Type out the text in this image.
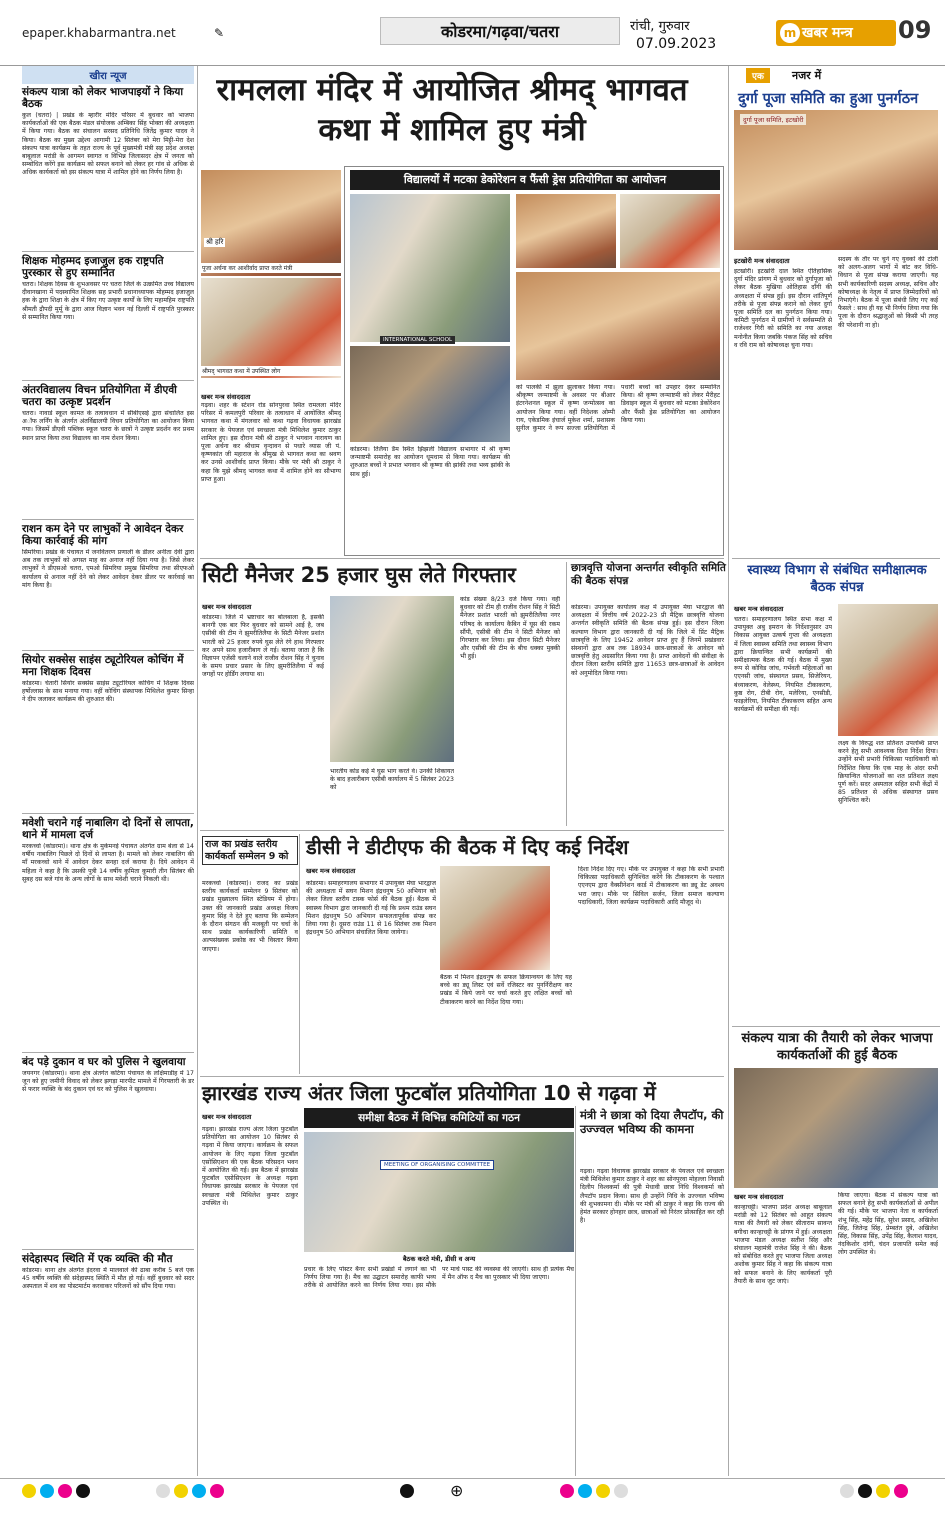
epaper.khabarmantra.net	✎	कोडरमा/गढ़वा/चतरा	रांची, गुरुवार
07.09.2023
m खबर मन्त्र	09
खीरा न्यूज
संकल्प यात्रा को लेकर भाजपाइयों ने किया बैठक
कुल (चतरा) | प्रखंड के म्हारीर मंदिर परिसर में बुधवार को भाजपा कार्यकर्ताओं की एक बैठक मंडल संयोजक अम्बिका सिंह भोक्ता की अध्यक्षता में किया गया। बैठक का संचालन सरसद प्रतिनिधि जितेंद्र कुमार यादव ने किया। बैठक का मुख्य उद्देश्य आगामी 12 सितंबर को मेरा मिट्टी-मेरा देश संकल्प यात्रा कार्यक्रम के तहत राज्य के पूर्व मुख्यमंत्री मंत्री सह प्रदेश अध्यक्ष बाबूलाल मरांडी के आगमन स्वागत व विभिन्न जिलासदर क्षेत्र में जनता को सम्बोधित करेंगे इस कार्यक्रम को सफल बनाने को लेकर हर गांव से अधिक से अधिक कार्यकर्ता को इस संकल्प यात्रा में शामिल होने का निर्णय लिया है।
शिक्षक मोहम्मद इजाजुल हक राष्ट्रपति पुरस्कार से हुए सम्मानित
चतरा। शिक्षक दिवस के शुभअवसर पर चतरा जिले के उत्क्रमित उच्च विद्यालय दीवानखाना में पदस्थापित शिक्षक सह प्रभारी प्रधानाध्यापक मोहम्मद इजाजुल हक के द्वारा शिक्षा के क्षेत्र में किए गए उत्कृष्ट कार्यों के लिए महामहिम राष्ट्रपति श्रीमती द्रौपदी मुर्मू के द्वारा आज विज्ञान भवन नई दिल्ली में राष्ट्रपति पुरस्कार से सम्मानित किया गया।
अंतरविद्यालय विचन प्रतियोगिता में डीएवी चतरा का उत्कृष्ट प्रदर्शन
चतरा। नावार्ड स्कूल कामत के तत्वावधान में सीबीएसई द्वारा संचालित इस अॉफ लर्निंग के अंतर्गत अंतर्विद्यालयी विचन प्रतियोगिता का आयोजन किया गया। जिसमें डीएवी पब्लिक स्कूल चतरा के छात्रों ने उत्कृष्ट प्रदर्शन कर प्रथम स्थान प्राप्त किया तथा विद्यालय का नाम रोशन किया।
राशन कम देने पर लाभुकों ने आवेदन देकर किया कार्रवाई की मांग
सिमरिया। प्रखंड के पंचायत में जनवितरण प्रणाली के डीलर अनीता देवी द्वारा अब तक लाभुकों को अगस्त माह का अनाज नहीं दिया गया है। जिसे लेकर लाभुकों ने डीएसओ चतरा, एमओ सिमरिया प्रमुख सिमरिया तथा सीएफओ कार्यालय से अनाज नहीं देने को लेकर आवेदन देकर डीलर पर कार्रवाई का मांग किया है।
सियोर सक्सेस साइंस ट्यूटोरियल कोचिंग में मना शिक्षक दिवस
कोडरमा। चेतारी सियोर सक्सेस साइंस ट्यूटोरियल कोचिंग में शिक्षक दिवस हर्षोल्लास के साथ मनाया गया। वहीं कोचिंग संस्थापक मिथिलेश कुमार सिन्हा ने दीप जलाकर कार्यक्रम की शुरुआत की।
मवेशी चराने गई नाबालिग दो दिनों से लापता, थाने में मामला दर्ज
मरकच्चो (कोडरमा)। थाना क्षेत्र के मुर्केमनई पंचायत अंतर्गत ग्राम बेला से 14 वर्षीय नाबालिग पिछले दो दिनों से लापता है। मामले को लेकर नाबालिग की माँ मरकच्चो थाने में आवेदन देकर सनहा दर्ज कराया है। दिये आवेदन में महिला ने कहा है कि उसकी पुत्री 14 वर्षीय कुमिता कुमारी तीन सितंबर की सुबह दस बजे गांव के अन्य लोगों के साथ मवेशी चराने निकली थी।
बंद पड़े दुकान व घर को पुलिस ने खुलवाया
जयनगर (कोडरमा)। थाना क्षेत्र अंतर्गत कटिया पंचायत के लक्षिमाडीह में 17 जून को हुए जमीनी विवाद को लेकर झगड़ा मारपीट मामले में गिरफ्तारी के डर से फरार व्यक्ति के बंद दुकान एवं घर को पुलिस ने खुलवाया।
संदेहास्पद स्थिति में एक व्यक्ति की मौत
कोडरमा। थाना क्षेत्र अंतर्गत इंदरवा में मालवाले की ढाबा करीब 5 बजे एक 45 वर्षीय व्यक्ति की संदेहास्पद स्थिति में मौत हो गई। वहीं बुधवार को सदर अस्पताल में शव का पोस्टमार्टम करवाकर परिजनों को सौंप दिया गया।
रामलला मंदिर में आयोजित श्रीमद् भागवत कथा में शामिल हुए मंत्री
श्री हरि
पूजा अर्चना कर आशीर्वाद प्राप्त करते मंत्री
श्रीमद् भागवत कथा में उपस्थित लोग
खबर मन्त्र संवाददाता
गढ़वा। शहर के स्टेशन रोड सोनपुरवा स्थित रामलला मंदिर परिसर में कमलपुरी परिवार के तत्वाधान में आयोजित श्रीमद् भागवत कथा में मंगलवार को कथा गढ़वा विधायक झारखंड सरकार के पेयजल एवं स्वच्छता मंत्री मिथिलेश कुमार ठाकुर शामिल हुए। इस दौरान मंत्री श्री ठाकुर ने भगवान नारायण का पूजा अर्चना कर श्रीधाम वृन्दावन से पधारे व्यास जी पं. कृष्णकांत जी महाराज के श्रीमुख से भागवत कथा का श्रवण कर उनसे आशीर्वाद प्राप्त किया। मौके पर मंत्री श्री ठाकुर ने कहा कि मुझे श्रीमद् भागवत कथा में शामिल होने का सौभाग्य प्राप्त हुआ।
विद्यालयों में मटका डेकोरेशन व फैंसी ड्रेस प्रतियोगिता का आयोजन
INTERNATIONAL SCHOOL
को पालकी में झूला झुलाकर किया गया। श्रीकृष्ण जन्माष्टमी के अवसर पर बीआर इंटरनेशनल स्कूल में कृष्ण जन्मोत्सव का आयोजन किया गया। वहीं निदेशक ओम्पी राय, एकेडमिक इंचार्ज मुकेश शर्मा, प्रशासक सुनील कुमार ने रूप सज्जा प्रतियोगिता में पधारीं बच्चों को उपहार देकर सम्मानित किया। श्री कृष्ण जन्माष्टमी को लेकर मैरीहट डिवाइन स्कूल में बुधवार को मटका डेकोरेशन और फैंसी ड्रेस प्रतियोगिता का आयोजन किया गया।
कोडरमा। तिलैया डैम स्थित झिझली विद्यालय सभागार में श्री कृष्ण जन्माष्टमी समारोह का आयोजन धूमधाम से किया गया। कार्यक्रम की शुरुआत बच्चों ने प्रभात भगवान श्री कृष्णा की झांकी तथा भव्य झांकी के साथ हुई।
सिटी मैनेजर 25 हजार घुस लेते गिरफ्तार
खबर मन्त्र संवाददाता
कोडरमा। जिले में भ्रष्टाचार का बोलबाला है, इसकी बानगी एक बार फिर बुधवार को सामने आई है, जब एसीबी की टीम ने झुमरीतिलैया के सिटी मैनेजर प्रशांत भारती को 25 हजार रुपये घुस लेते रंगे हाथ गिरफ्तार कर अपने साथ हजारीबाग ले गई। बताया जाता है कि विज्ञापन एजेंसी चलाने वाले राजीव रोशन सिंह ने चुनाव के समय प्रचार प्रसार के लिए झुमरीतिलैया में कई जगहों पर होर्डिंग लगाया था।
भारतीय कोड कई में घुस भाग करते वे। उनकी शिकायत के बाद हजारीबाग एसीबी कार्यालय में 5 सितंबर 2023 को
कांड संख्या 8/23 दर्ज किया गया। वही बुधवार को टीम ही राजीव रोशन सिंह ने सिटी मैनेजर प्रशांत भारती को झुमरीतिलैया नगर परिषद के कार्यालय कैबिन में घूस की रकम सौंपी, एसीबी की टीम ने सिटी मैनेजर को गिरफ्तार कर लिया। इस दौरान सिटी मैनेजर और एसीबी की टीम के बीच धक्का मुक्की भी हुई।
छात्रवृत्ति योजना अन्तर्गत स्वीकृति समिति की बैठक संपन्न
कोडरमा। उपायुक्त कार्यालय कक्ष में उपायुक्त मेघा भारद्वाज की अध्यक्षता में वित्तीय वर्ष 2022-23 प्री मैट्रिक छात्रवृत्ति योजना अन्तर्गत स्वीकृति समिति की बैठक संपन्न हुई। इस दौरान जिला कल्याण विभाग द्वारा जानकारी दी गई कि जिले में प्रिंट मैट्रिक छात्रवृत्ति के लिए 19452 आवेदन प्राप्त हुए हैं जिनमें प्रखंडवार संस्थानों द्वारा अब तक 18934 छात्र-छात्राओं के आवेदन को छात्रवृत्ति हेतु अग्रसारित किया गया है। प्राप्त आवेदनों की संवीक्षा के दौरान जिला स्तरीय समिति द्वारा 11653 छात्र-छात्राओं के आवेदन को अनुमोदित किया गया।
राज का प्रखंड स्तरीय कार्यकर्ता सम्मेलन 9 को
मरकच्चो (कोडरमा)। राजद का प्रखंड स्तरीय कार्यकर्ता सम्मेलन 9 सितंबर को प्रखंड मुख्यालय स्थित स्टेडियम में होगा। उक्त की जानकारी प्रखंड अध्यक्ष विजय कुमार सिंह ने देते हुए बताया कि सम्मेलन के दौरान संगठन की मजबूती पर चर्चा के साथ प्रखंड कार्यकारिणी समिति व अल्पसंख्यक प्रकोष्ठ का भी विस्तार किया जाएगा।
डीसी ने डीटीएफ की बैठक में दिए कई निर्देश
खबर मन्त्र संवाददाता
कोडरमा। समाहरणालय सभागार में उपायुक्त मेघा भारद्वाज की अध्यक्षता में सघन मिशन इंद्रधनुष 50 अभियान को लेकर जिला स्तरीय टास्क फोर्स की बैठक हुई। बैठक में स्वास्थ्य विभाग द्वारा जानकारी दी गई कि प्रथम राउंड सघन मिशन इंद्रधनुष 50 अभियान सफलतापूर्वक संपन्न कर लिया गया है। दूसरा राउंड 11 से 16 सितंबर तक मिशन इंद्रधनुष 50 अभियान संचालित किया जायेगा।
बैठक में मिशन इंद्रधनुष के सफल क्रियान्वयन के लिए यह बच्चे का ड्यू लिस्ट एवं सर्वे रजिस्टर का पुनर्निरीक्षण कर प्रखंड में किये जाने पर चर्चा करते हुए लक्षित बच्चों को टीकाकरण करने का निर्देश दिया गया।
दिशा निर्देश दिए गए। मौके पर उपायुक्त ने कहा कि सभी प्रभारी चिकित्सा पदाधिकारी सुनिश्चित करेंगे कि टीकाकरण के पश्चात एएनएम द्वारा वैक्सीनेशन कार्ड में टीकाकरण का ड्यू डेट अवश्य भरा जाए। मौके पर सिविल सर्जन, जिला समाज कल्याण पदाधिकारी, जिला कार्यक्रम पदाधिकारी आदि मौजूद थे।
झारखंड राज्य अंतर जिला फुटबॉल प्रतियोगिता 10 से गढ़वा में
खबर मन्त्र संवाददाता
गढ़वा। झारखंड राज्य अंतर जिला फुटबॉल प्रतियोगिता का आयोजन 10 सितंबर से गढ़वा में किया जाएगा। कार्यक्रम के सफल आयोजन के लिए गढ़वा जिला फुटबॉल एसोसिएशन की एक बैठक परिसदन भवन में आयोजित की गई। इस बैठक में झारखंड फुटबॉल एसोसिएशन के अध्यक्ष गढ़वा विधायक झारखंड सरकार के पेयजल एवं स्वच्छता मंत्री मिथिलेश कुमार ठाकुर उपस्थित थे।
समीक्षा बैठक में विभिन्न कमिटियों का गठन
MEETING OF ORGANISING COMMITTEE
बैठक करते मंत्री, डीसी व अन्य
प्रचार के लिए पोस्टर बैनर सभी प्रखंडों में लगाने का भी निर्णय लिया गया है। मैच का उद्घाटन समारोह काफी भव्य तरीके से आयोजित करने का निर्णय लिया गया। इस मौके पर मार्च पास्ट की व्यवस्था की जाएगी। साथ ही प्रत्येक मैच में मैन ऑफ द मैच का पुरस्कार भी दिया जाएगा।
मंत्री ने छात्रा को दिया लैपटॉप, की उज्ज्वल भविष्य की कामना
गढ़वा। गढ़वा विधायक झारखंड सरकार के पेयजल एवं स्वच्छता मंत्री मिथिलेश कुमार ठाकुर ने शहर का सोनपुरवा मोहल्ला निवासी दिलीप विश्वकर्मा की पुत्री मेधावी छात्रा निधि विश्वकर्मा को लैपटॉप प्रदान किया। साथ ही उन्होंने निधि के उज्ज्वल भविष्य की शुभकामना दी। मौके पर मंत्री श्री ठाकुर ने कहा कि राज्य की हेमंत सरकार होनहार छात्र, छात्राओं को निरंतर प्रोत्साहित कर रही है।
एक	नजर में
दुर्गा पूजा समिति का हुआ पुनर्गठन
दुर्गा पूजा समिति, इटखोरी
इटखोरी मन्त्र संवाददाता
इटखोरी। इटखोरी दाल स्थित ऐतिहासिक दुर्गा मंदिर प्रांगण में बुधवार को दुर्गापूजा को लेकर बैठक मुखिया ओतिहास दाँगी की अध्यक्षता में संपन्न हुई। इस दौरान शांतिपूर्ण तरीके से पूजा संपन्न कराने को लेकर दुर्गा पूजा समिति दल का पुनर्गठन किया गया। कमिटी पुनर्गठन में ग्रामीणों ने सर्वसम्मति से राजेश्वर गिरी को समिति का नया अध्यक्ष मनोनीत किया जबकि पंकज सिंह को सचिव व रवि राम को कोषाध्यक्ष चुना गया।
सदस्य के तौर पर चुने गए युवकों की टोली को अलग-अलग भागों में बांट कर विधि-विधान से पूजा संपन्न कराया जाएगी। यह सभी कार्यकारिणी सदस्य अध्यक्ष, सचिव और कोषाध्यक्ष के नेतृत्व में प्राप्त जिम्मेदारियों को निभाएंगे। बैठक में पूजा संबंधी लिए गए कई फैसले : साथ ही यह भी निर्णय लिया गया कि पूजा के दौरान श्रद्धालुओं को किसी भी तरह की परेशानी ना हो।
स्वास्थ्य विभाग से संबंधित समीक्षात्मक बैठक संपन्न
खबर मन्त्र संवाददाता
चतरा। समाहरणालय स्थित सभा कक्ष में उपायुक्त अबु इमरान के निर्देशानुसार उप विकास आयुक्त उत्कर्ष गुप्ता की अध्यक्षता में जिला स्वास्थ्य समिति तथा स्वास्थ्य विभाग द्वारा क्रियान्वित सभी कार्यक्रमों की समीक्षात्मक बैठक की गई। बैठक में मुख्य रूप से कोविड जांच, गर्भवती महिलाओं का एएनसी जांच, संस्थागत प्रसव, सिजेरियन, बंध्याकरण, वेलेस्थ्य, नियमित टीकाकरण, कुष्ठ रोग, टीबी रोग, मलेरिया, एनसीडी, फाइलेरिया, नियमित टीकाकरण सहित अन्य कार्यक्रमों की समीक्षा की गई।
लक्ष्य के विरुद्ध शत प्रतिशत उपलब्धि प्राप्त करने हेतु सभी आवश्यक दिशा निर्देश दिया। उन्होंने सभी प्रभारी चिकित्सा पदाधिकारी को निर्देशित किया कि एक माह के अंदर सभी क्रियान्वित योजनाओं का शत प्रतिशत लक्ष्य पूर्ण करें। सदर अस्पताल सहित सभी केंद्रों में 85 प्रतिशत से अधिक संस्थागत प्रसव सुनिश्चित करें।
संकल्प यात्रा की तैयारी को लेकर भाजपा कार्यकर्ताओं की हुई बैठक
खबर मन्त्र संवाददाता
कान्हाचट्टी। भाजपा प्रदेश अध्यक्ष बाबूलाल मरांडी को 12 सितंबर को आहूत संकल्प यात्रा की तैयारी को लेकर सीताराम सावन्त बगीचा कान्हाचट्टी के प्रांगण में हुई। अध्यक्षता भाजपा मंडल अध्यक्ष सतीश सिंह और संचालन महामंत्री राजेश सिंह ने की। बैठक को संबोधित करते हुए भाजपा जिला अध्यक्ष अशोक कुमार सिंह ने कहा कि संकल्प यात्रा को सफल बनाने के लिए कार्यकर्ता पूरी तैयारी के साथ जुट जाएं।
किया जाएगा। बैठक में संकल्प यात्रा को सफल बनाने हेतु सभी कार्यकर्ताओं से अपील की गई। मौके पर भाजपा नेता व कार्यकर्ता शंभू सिंह, महेंद्र सिंह, सुरेश प्रसाद, अखिलेश सिंह, जितेन्द्र सिंह, प्रेम्बतंत दुबे, अखिलेश सिंह, विकास सिंह, उपेंद्र सिंह, कैलाश यादव, नंदकिशोर दांगी, चंदन प्रजापति समेत कई लोग उपस्थित थे।
⊕
